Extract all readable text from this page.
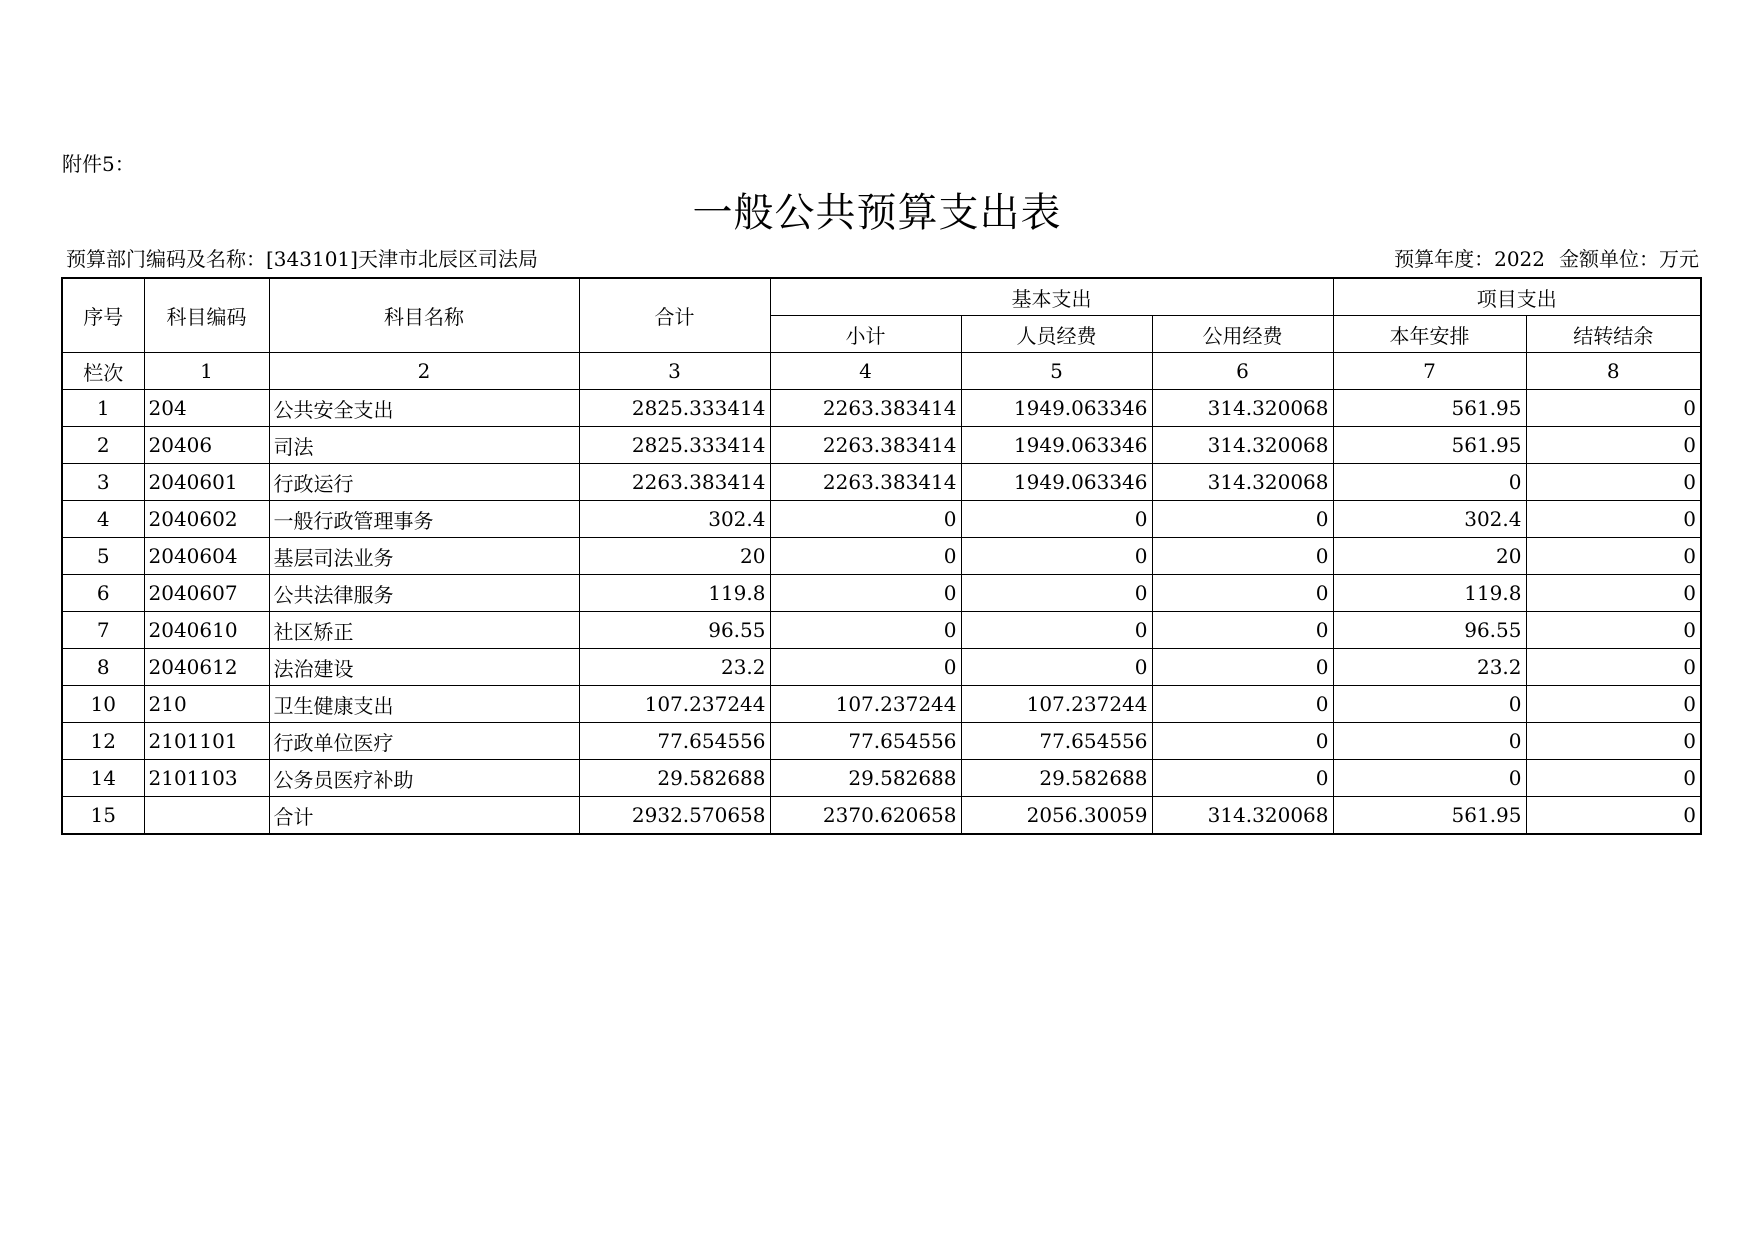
附件5：
一般公共预算支出表
预算部门编码及名称：[343101]天津市北辰区司法局	预算年度：2022 金额单位：万元
序号	科目编码	科目名称	合计	基本支出			项目支出	
				小计	人员经费	公用经费	本年安排	结转结余
栏次	1	2	3	4	5	6	7	8
1	204	公共安全支出	2825.333414	2263.383414	1949.063346	314.320068	561.95	0
2	20406	司法	2825.333414	2263.383414	1949.063346	314.320068	561.95	0
3	2040601	行政运行	2263.383414	2263.383414	1949.063346	314.320068	0	0
4	2040602	一般行政管理事务	302.4	0	0	0	302.4	0
5	2040604	基层司法业务	20	0	0	0	20	0
6	2040607	公共法律服务	119.8	0	0	0	119.8	0
7	2040610	社区矫正	96.55	0	0	0	96.55	0
8	2040612	法治建设	23.2	0	0	0	23.2	0
10	210	卫生健康支出	107.237244	107.237244	107.237244	0	0	0
12	2101101	行政单位医疗	77.654556	77.654556	77.654556	0	0	0
14	2101103	公务员医疗补助	29.582688	29.582688	29.582688	0	0	0
15		合计	2932.570658	2370.620658	2056.30059	314.320068	561.95	0
